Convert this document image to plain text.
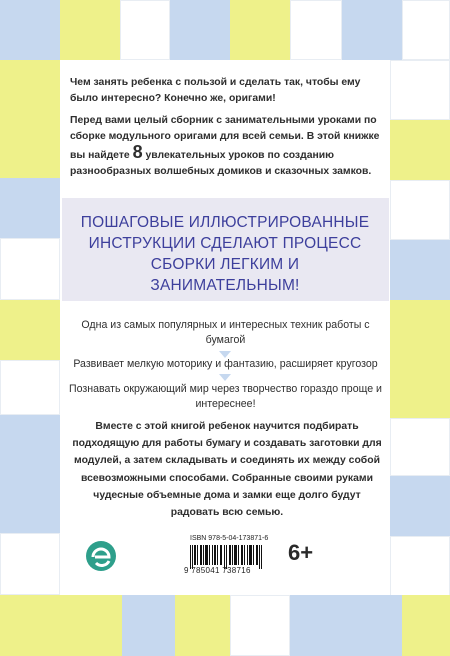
Чем занять ребенка с пользой и сделать так, чтобы ему было интересно? Конечно же, оригами!
Перед вами целый сборник с занимательными уроками по сборке модульного оригами для всей семьи. В этой книжке вы найдете 8 увлекательных уроков по созданию разнообразных волшебных домиков и сказочных замков.
ПОШАГОВЫЕ ИЛЛЮСТРИРОВАННЫЕ ИНСТРУКЦИИ СДЕЛАЮТ ПРОЦЕСС СБОРКИ ЛЕГКИМ И ЗАНИМАТЕЛЬНЫМ!
Одна из самых популярных и интересных техник работы с бумагой
Развивает мелкую моторику и фантазию, расширяет кругозор
Познавать окружающий мир через творчество гораздо проще и интереснее!
Вместе с этой книгой ребенок научится подбирать подходящую для работы бумагу и создавать заготовки для модулей, а затем складывать и соединять их между собой всевозможными способами. Собранные своими руками чудесные объемные дома и замки еще долго будут радовать всю семью.
ISBN 978-5-04-173871-6
9 785041 738716
6+
